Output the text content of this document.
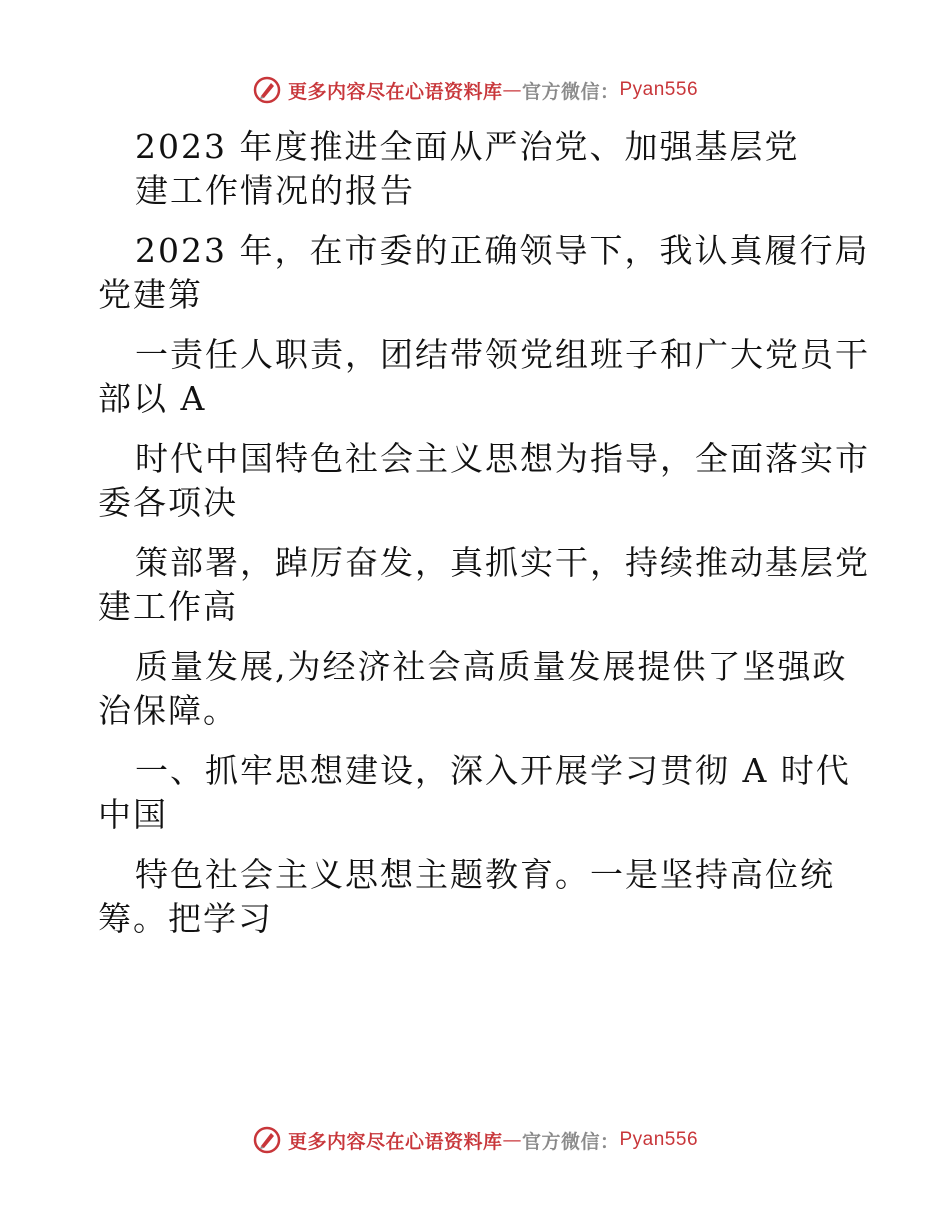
更多内容尽在心语资料库 — 官方微信： Pyan556
2023 年度推进全面从严治党、加强基层党
建工作情况的报告
2023 年，在市委的正确领导下，我认真履行局
党建第
一责任人职责，团结带领党组班子和广大党员干
部以 A
时代中国特色社会主义思想为指导，全面落实市
委各项决
策部署，踔厉奋发，真抓实干，持续推动基层党
建工作高
质量发展,为经济社会高质量发展提供了坚强政
治保障。
一、抓牢思想建设，深入开展学习贯彻 A 时代
中国
特色社会主义思想主题教育。一是坚持高位统
筹。把学习
更多内容尽在心语资料库 — 官方微信： Pyan556
